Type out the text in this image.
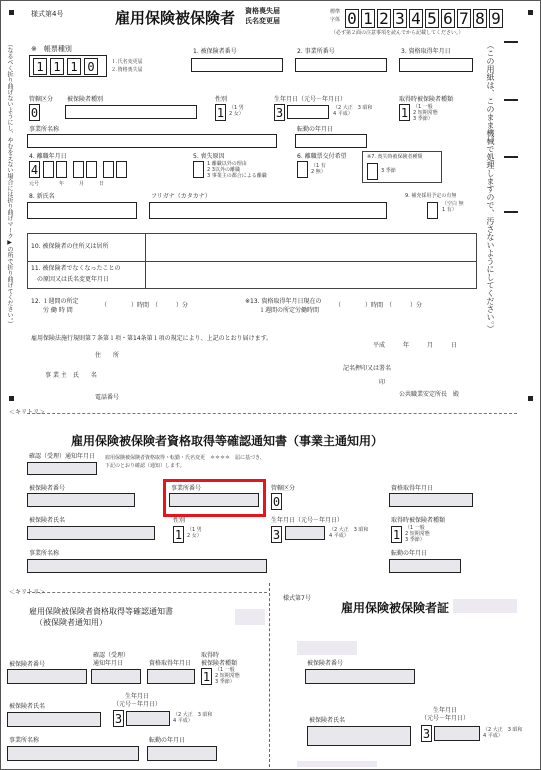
様式第4号	雇用保険被保険者 資格喪失届
氏名変更届
標準
字体 0 1 2 3 4 5 6 7 8 9
（必ず第２面の注意事項を読んでから記載してください。）
（なるべく折り曲げないようにし、やむをえない場合には折り曲げマーク▶の所で折り曲げてください。）	（この用紙は、このまま機械で処理しますので、汚さないようにしてください。）
※　帳票種別
1 1 1 0	１.氏名変更届
２.資格喪失届
1. 被保険者番号	2. 事業所番号	3. 資格取得年月日
管轄区分
0
被保険者種別	性別
1 （1 男
2 女）
生年月日（元号－年月日）
3	（2 大正　3 昭和
4 平成）
取得時被保険者種類
1 （1 一般
2 短期常態
3 季節）
事業所名称	転勤の年月日
4. 離職年月日
4
元号　　　　年　　　月　　　日
5. 喪失原因
1 離職以外の理由
2 3以外の離職
3 事業主の都合による離職
6. 離職票交付希望
（1 有
2 無）
※7. 喪失時被保険者種類
3 季節
8. 新氏名	フリガナ（カタカナ）	9. 補充採用予定の有無
（空白 無
1 有）
10. 被保険者の住所又は居所
11. 被保険者でなくなったことの
の原因又は氏名変更年月日
12. １週間の所定
労 働 時 間
（　　　　）時間　（　　　）分
※13. 資格取得年月日現在の
１週間の所定労働時間
（　　　　）時間　（　　　）分
雇用保険法施行規則第７条第１項・第14条第１項の規定により、上記のとおり届けます。
平成　　　年　　　月　　　日
住　　所
事 業 主　氏　　名
電話番号
記名押印又は署名
印
公共職業安定所長　殿
＜キリトリ＞
雇用保険被保険者資格取得等確認通知書（事業主通知用）
確認（受理）通知年月日 雇用保険被保険者資格取得・転勤・氏名変更　＊＊＊＊　届に基づき、
下記のとおり確認（通知）します。
被保険者番号	事業所番号	管轄区分
0
資格取得年月日
被保険者氏名	性別
1 （1 男
2 女）
生年月日（元号－年月日）
3	（2 大正　3 昭和
4 平成）
取得時被保険者種類
1 （1 一般
2 短期常態
3 季節）
事業所名称	転勤の年月日
＜キリトリ＞
雇用保険被保険者資格取得等確認通知書
（被保険者通知用）
被保険者番号
確認（受理）
通知年月日	資格取得年月日
取得時
被保険者種類
1 （1 一般
2 短期常態
3 季節）
被保険者氏名
生年月日
（元号－年月日）
3	（2 大正　3 昭和
4 平成）
事業所名称	転勤の年月日
様式第7号
雇用保険被保険者証
被保険者番号
被保険者氏名
生年月日
（元号－年月日）
3	（2 大正　3 昭和
4 平成）
